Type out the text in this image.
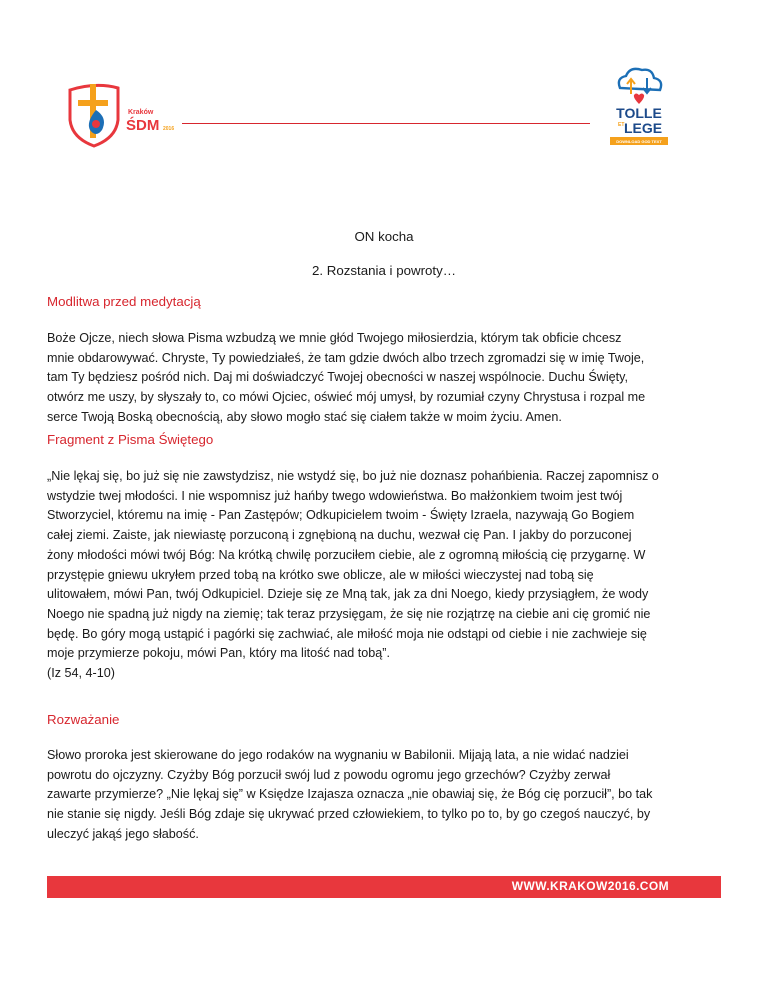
Kraków
ŚDM 2016
TOLLE
ET LEGE
DOWNLOAD GOD TEXT
ON kocha
2. Rozstania i powroty…
Modlitwa przed medytacją
Boże Ojcze, niech słowa Pisma wzbudzą we mnie głód Twojego miłosierdzia, którym tak obficie chcesz
mnie obdarowywać. Chryste, Ty powiedziałeś, że tam gdzie dwóch albo trzech zgromadzi się w imię Twoje,
tam Ty będziesz pośród nich. Daj mi doświadczyć Twojej obecności w naszej wspólnocie. Duchu Święty,
otwórz me uszy, by słyszały to, co mówi Ojciec, oświeć mój umysł, by rozumiał czyny Chrystusa i rozpal me
serce Twoją Boską obecnością, aby słowo mogło stać się ciałem także w moim życiu. Amen.
Fragment z Pisma Świętego
„Nie lękaj się, bo już się nie zawstydzisz, nie wstydź się, bo już nie doznasz pohańbienia. Raczej zapomnisz o
wstydzie twej młodości. I nie wspomnisz już hańby twego wdowieństwa. Bo małżonkiem twoim jest twój
Stworzyciel, któremu na imię - Pan Zastępów; Odkupicielem twoim - Święty Izraela, nazywają Go Bogiem
całej ziemi. Zaiste, jak niewiastę porzuconą i zgnębioną na duchu, wezwał cię Pan. I jakby do porzuconej
żony młodości mówi twój Bóg: Na krótką chwilę porzuciłem ciebie, ale z ogromną miłością cię przygarnę. W
przystępie gniewu ukryłem przed tobą na krótko swe oblicze, ale w miłości wieczystej nad tobą się
ulitowałem, mówi Pan, twój Odkupiciel. Dzieje się ze Mną tak, jak za dni Noego, kiedy przysiągłem, że wody
Noego nie spadną już nigdy na ziemię; tak teraz przysięgam, że się nie rozjątrzę na ciebie ani cię gromić nie
będę. Bo góry mogą ustąpić i pagórki się zachwiać, ale miłość moja nie odstąpi od ciebie i nie zachwieje się
moje przymierze pokoju, mówi Pan, który ma litość nad tobą”.
(Iz 54, 4-10)
Rozważanie
Słowo proroka jest skierowane do jego rodaków na wygnaniu w Babilonii. Mijają lata, a nie widać nadziei
powrotu do ojczyzny. Czyżby Bóg porzucił swój lud z powodu ogromu jego grzechów? Czyżby zerwał
zawarte przymierze? „Nie lękaj się” w Księdze Izajasza oznacza „nie obawiaj się, że Bóg cię porzucił”, bo tak
nie stanie się nigdy. Jeśli Bóg zdaje się ukrywać przed człowiekiem, to tylko po to, by go czegoś nauczyć, by
uleczyć jakąś jego słabość.
WWW.KRAKOW2016.COM
